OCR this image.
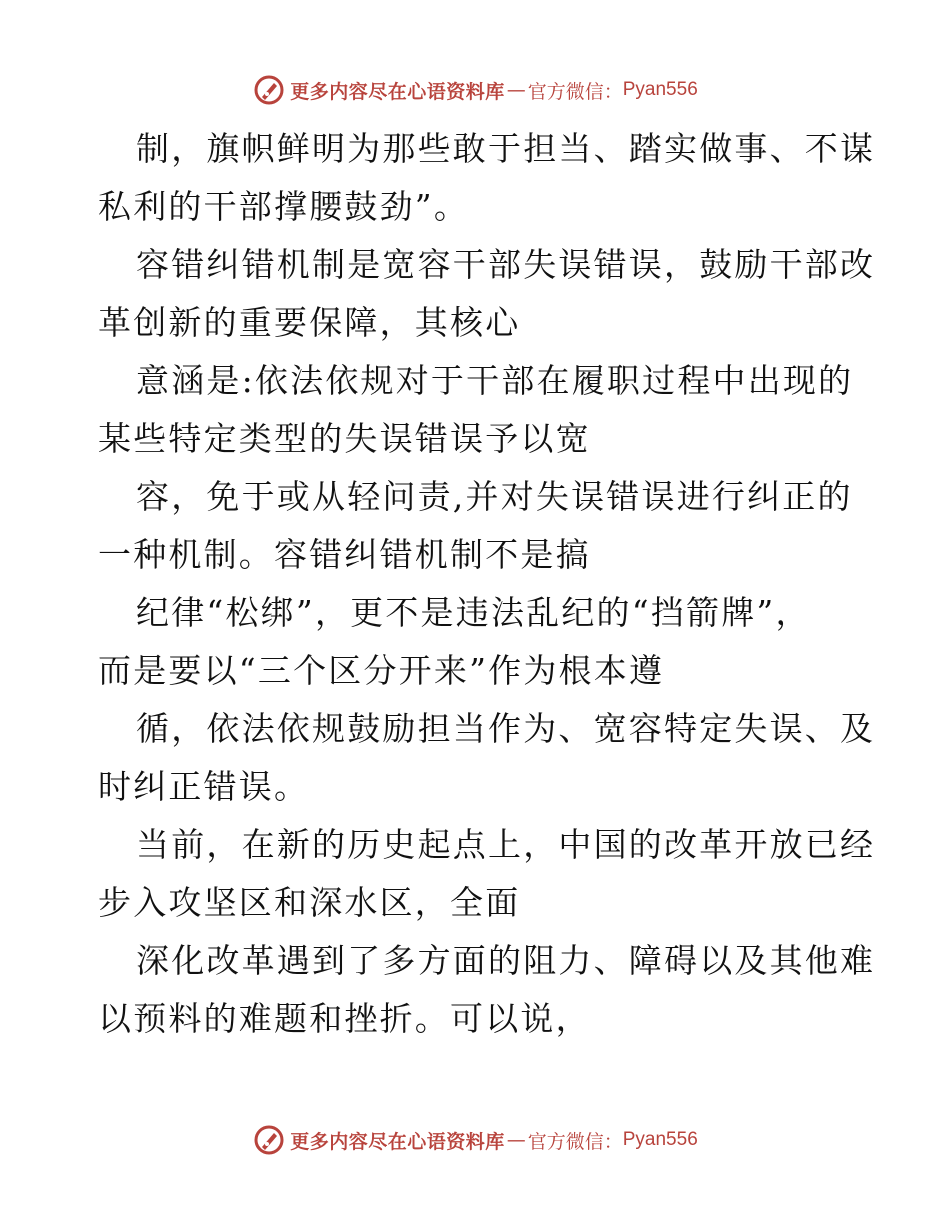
更多内容尽在心语资料库 — 官方微信： Pyan556
制，旗帜鲜明为那些敢于担当、踏实做事、不谋
私利的干部撑腰鼓劲”。
容错纠错机制是宽容干部失误错误，鼓励干部改
革创新的重要保障，其核心
意涵是:依法依规对于干部在履职过程中出现的
某些特定类型的失误错误予以宽
容，免于或从轻问责,并对失误错误进行纠正的
一种机制。容错纠错机制不是搞
纪律“松绑”，更不是违法乱纪的“挡箭牌”，
而是要以“三个区分开来”作为根本遵
循，依法依规鼓励担当作为、宽容特定失误、及
时纠正错误。
当前，在新的历史起点上，中国的改革开放已经
步入攻坚区和深水区，全面
深化改革遇到了多方面的阻力、障碍以及其他难
以预料的难题和挫折。可以说，
更多内容尽在心语资料库 — 官方微信： Pyan556
